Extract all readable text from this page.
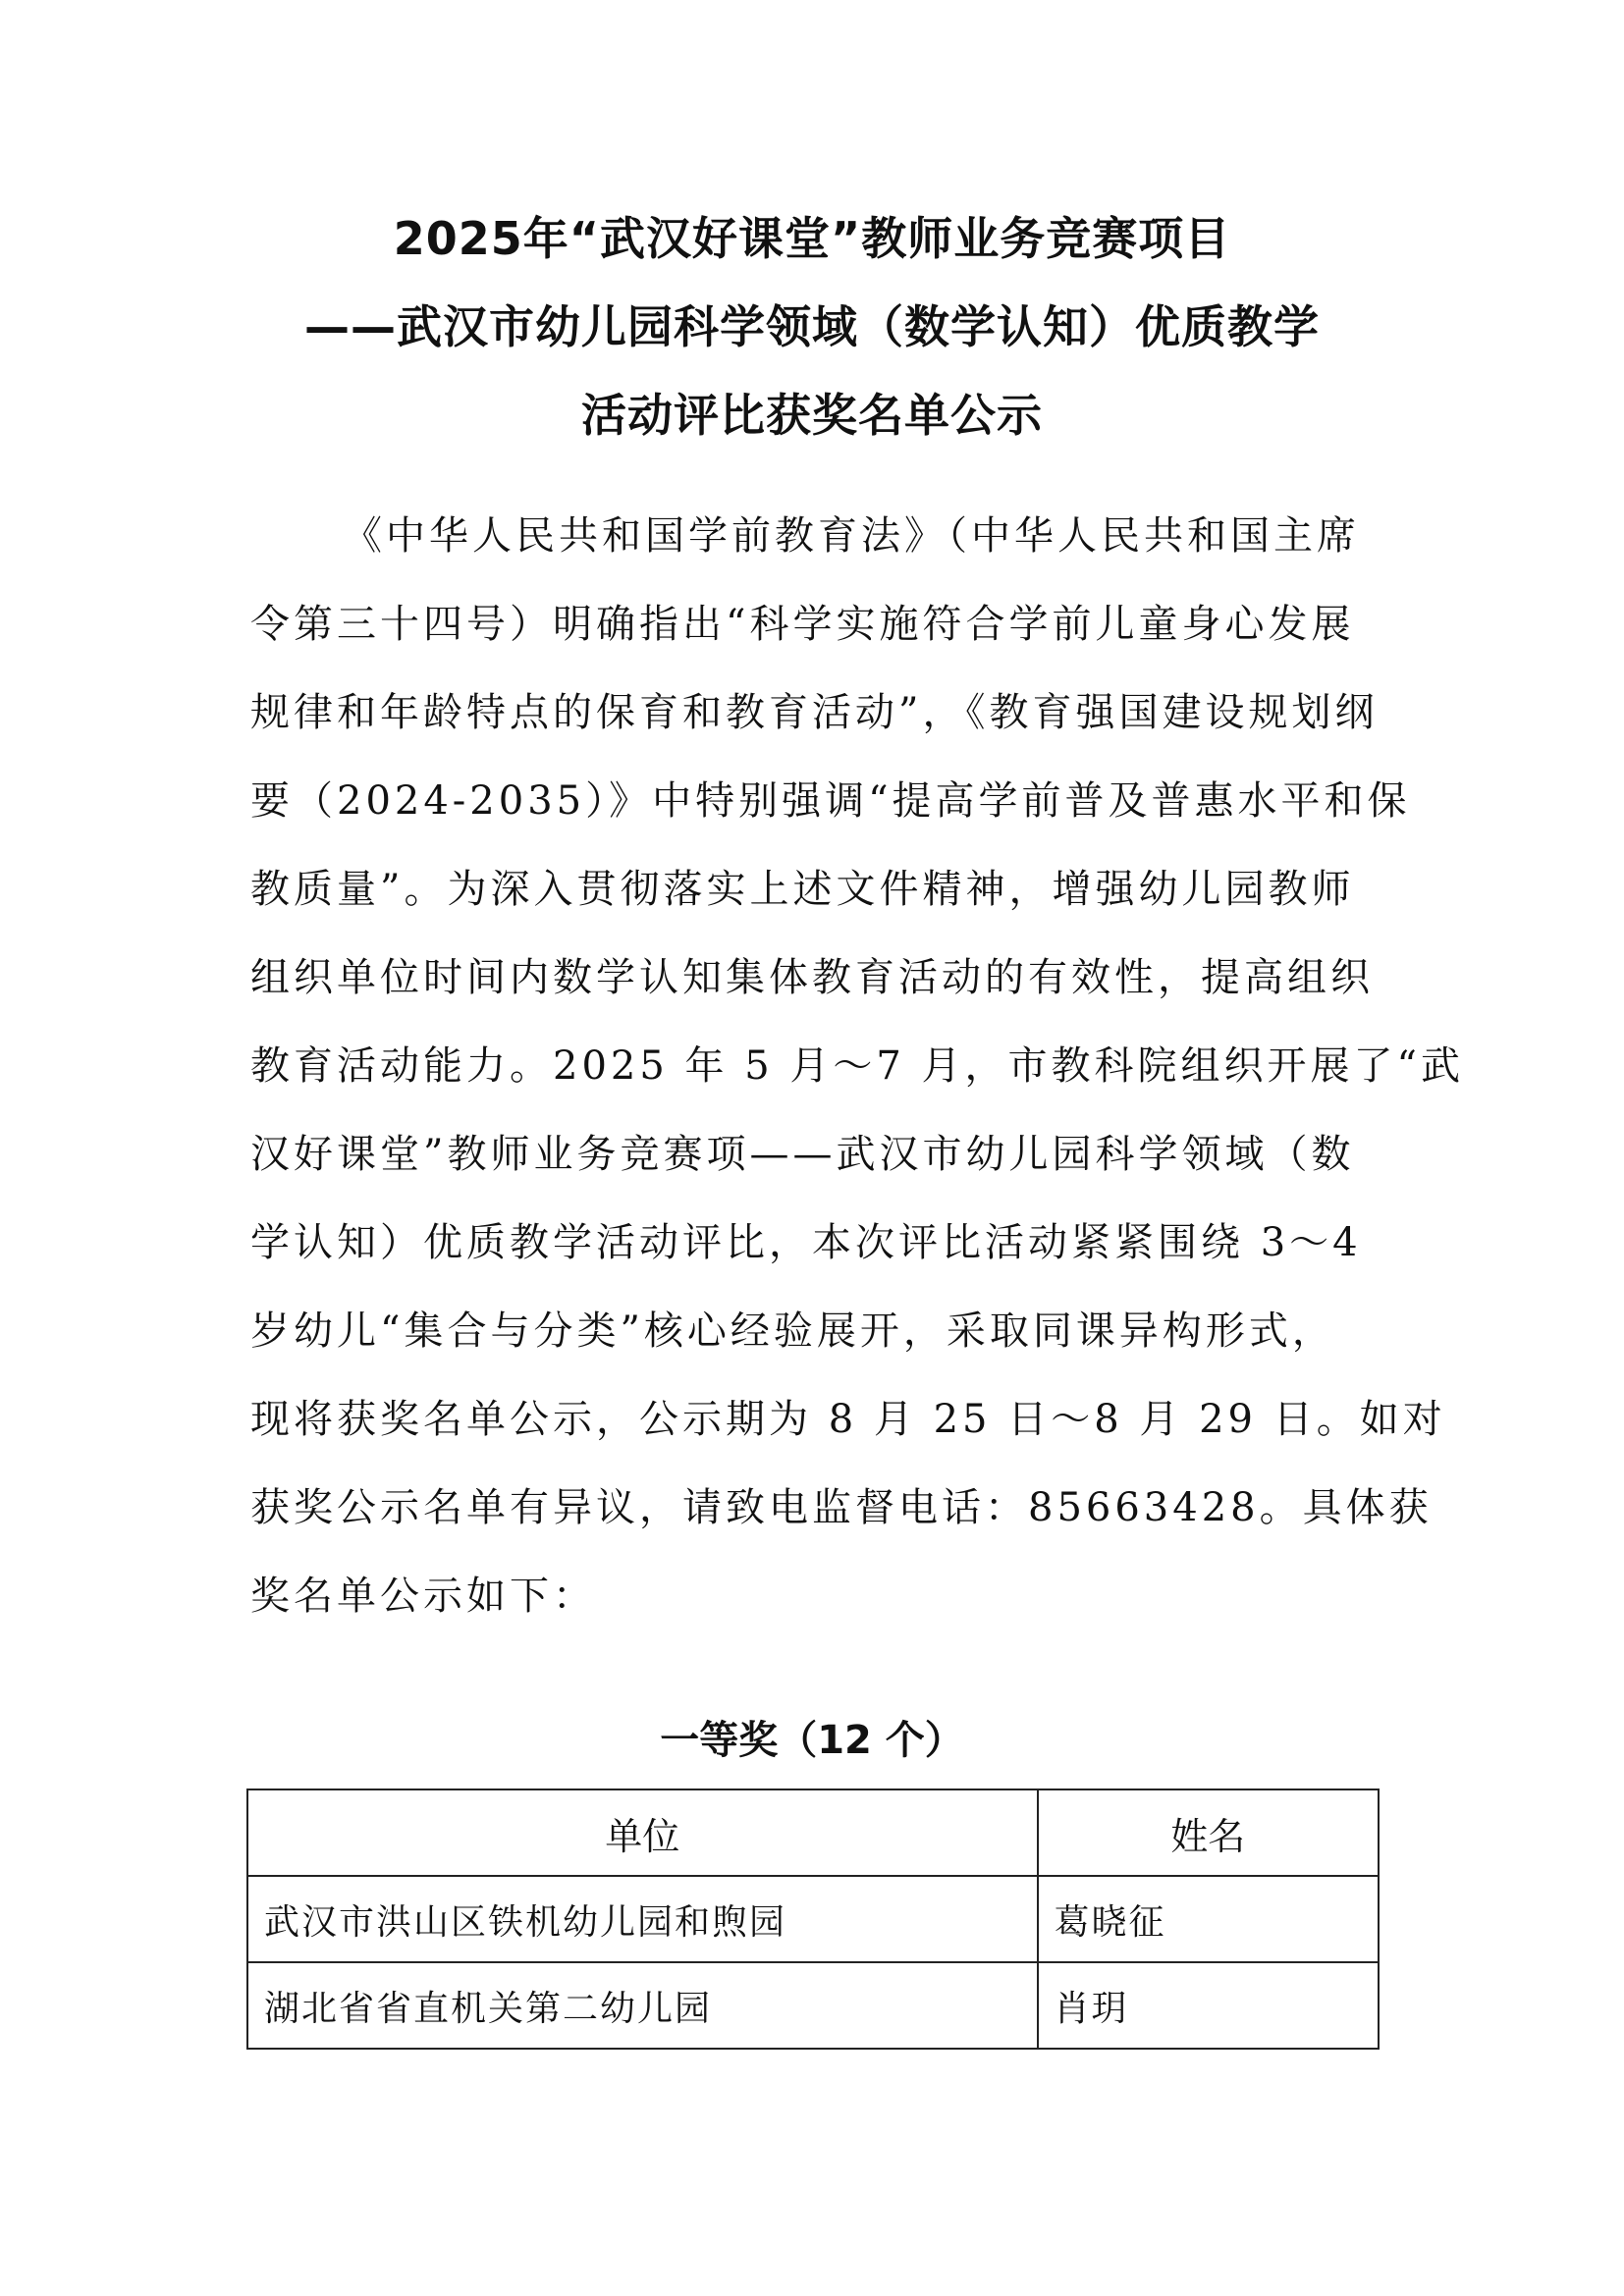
2025年“武汉好课堂”教师业务竞赛项目
——武汉市幼儿园科学领域（数学认知）优质教学
活动评比获奖名单公示
《中华人民共和国学前教育法》（中华人民共和国主席
令第三十四号）明确指出“科学实施符合学前儿童身心发展
规律和年龄特点的保育和教育活动”，《教育强国建设规划纲
要（2024-2035）》中特别强调“提高学前普及普惠水平和保
教质量”。为深入贯彻落实上述文件精神，增强幼儿园教师
组织单位时间内数学认知集体教育活动的有效性，提高组织
教育活动能力。2025 年 5 月～7 月，市教科院组织开展了“武
汉好课堂”教师业务竞赛项——武汉市幼儿园科学领域（数
学认知）优质教学活动评比，本次评比活动紧紧围绕 3～4
岁幼儿“集合与分类”核心经验展开，采取同课异构形式，
现将获奖名单公示，公示期为 8 月 25 日～8 月 29 日。如对
获奖公示名单有异议，请致电监督电话：85663428。具体获
奖名单公示如下：
一等奖（12 个）
单位	姓名
武汉市洪山区铁机幼儿园和煦园	葛晓征
湖北省省直机关第二幼儿园	肖玥
